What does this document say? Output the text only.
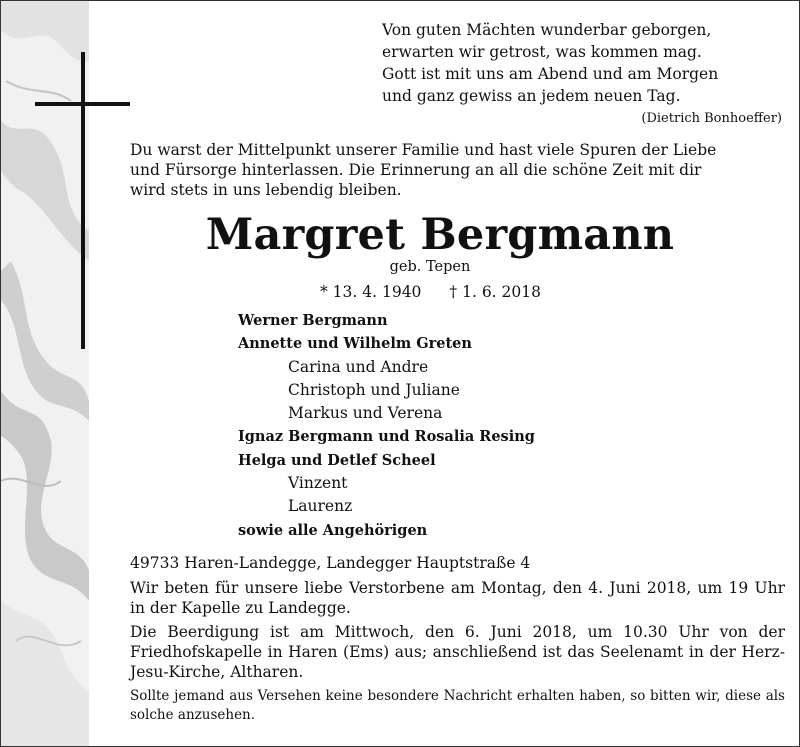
Von guten Mächten wunderbar geborgen,
erwarten wir getrost, was kommen mag.
Gott ist mit uns am Abend und am Morgen
und ganz gewiss an jedem neuen Tag.
(Dietrich Bonhoeffer)
Du warst der Mittelpunkt unserer Familie und hast viele Spuren der Liebe
und Fürsorge hinterlassen. Die Erinnerung an all die schöne Zeit mit dir
wird stets in uns lebendig bleiben.
Margret Bergmann
geb. Tepen
* 13. 4. 1940 † 1. 6. 2018
Werner Bergmann
Annette und Wilhelm Greten
Carina und Andre
Christoph und Juliane
Markus und Verena
Ignaz Bergmann und Rosalia Resing
Helga und Detlef Scheel
Vinzent
Laurenz
sowie alle Angehörigen
49733 Haren-Landegge, Landegger Hauptstraße 4
Wir beten für unsere liebe Verstorbene am Montag, den 4. Juni 2018, um 19 Uhr in der Kapelle zu Landegge.
Die Beerdigung ist am Mittwoch, den 6. Juni 2018, um 10.30 Uhr von der Friedhofskapelle in Haren (Ems) aus; anschließend ist das Seelenamt in der Herz-Jesu-Kirche, Altharen.
Sollte jemand aus Versehen keine besondere Nachricht erhalten haben, so bitten wir, diese als solche anzusehen.
